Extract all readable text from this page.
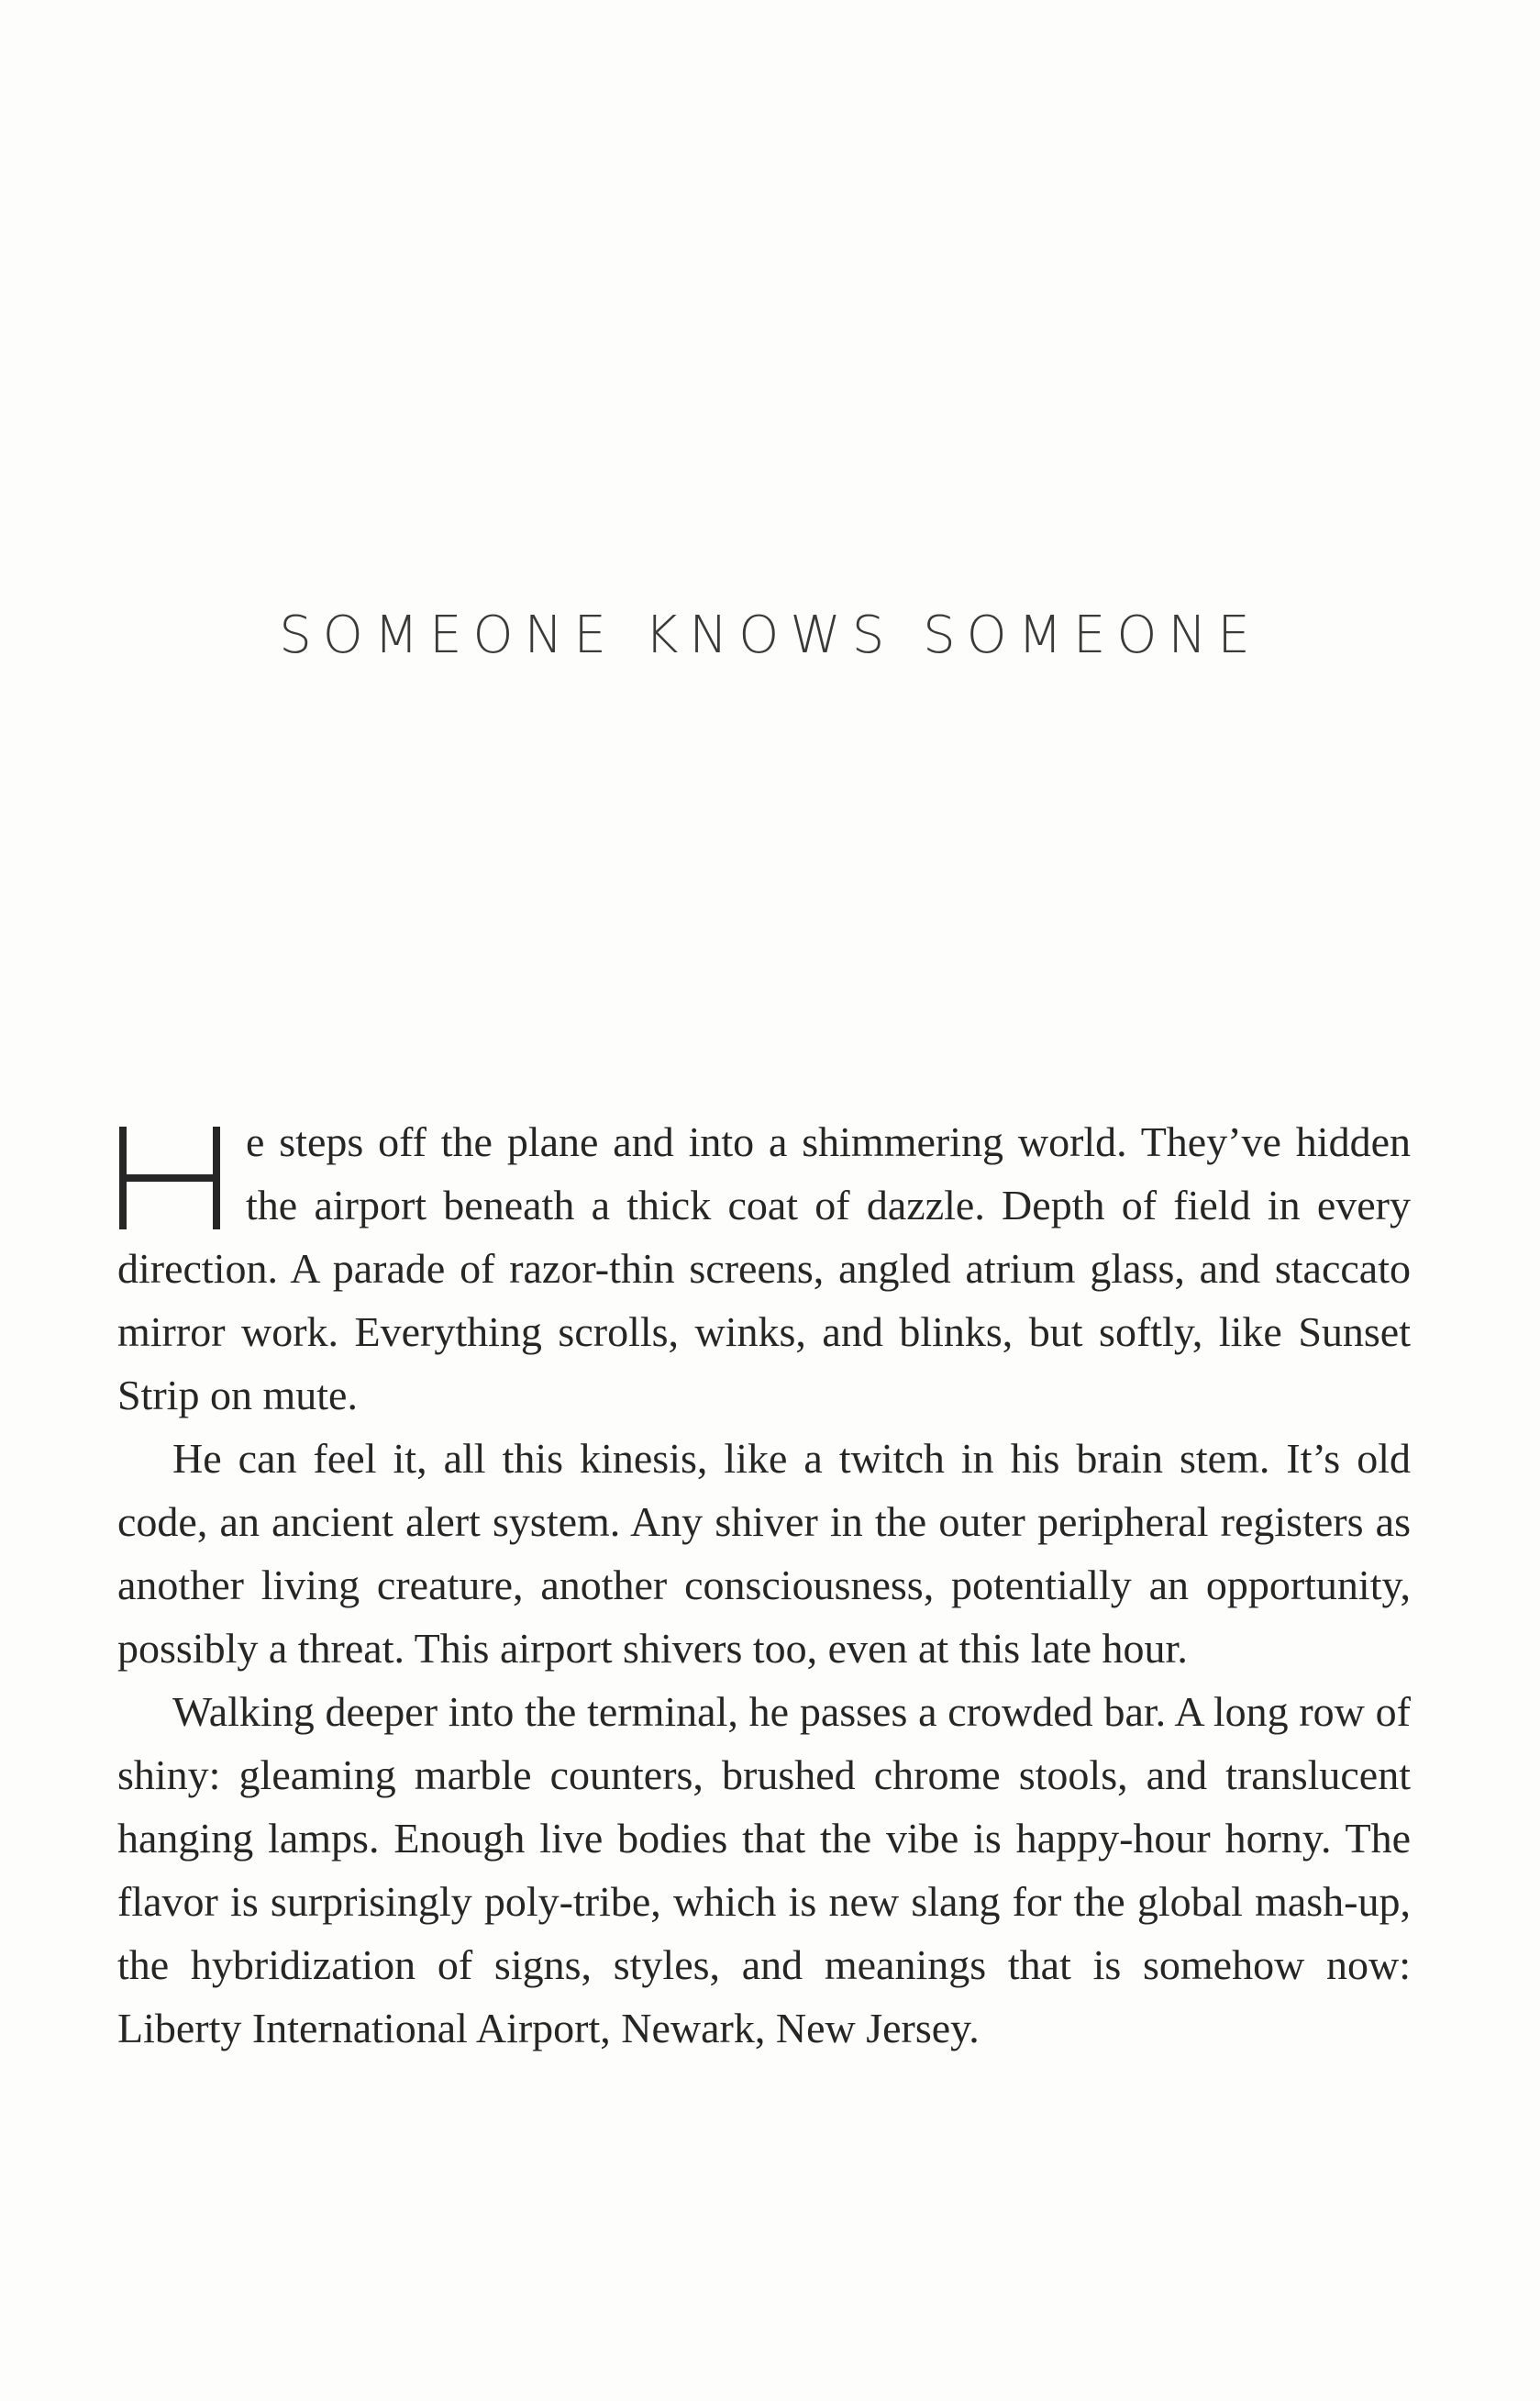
SOMEONE KNOWS SOMEONE

e steps off the plane and into a shimmering world. They’ve hidden the airport beneath a thick coat of dazzle. Depth of field in every direction. A parade of razor-thin screens, angled atrium glass, and staccato mirror work. Everything scrolls, winks, and blinks, but softly, like Sunset Strip on mute.

He can feel it, all this kinesis, like a twitch in his brain stem. It’s old code, an ancient alert system. Any shiver in the outer peripheral registers as another living creature, another consciousness, potentially an opportunity, possibly a threat. This airport shivers too, even at this late hour.

Walking deeper into the terminal, he passes a crowded bar. A long row of shiny: gleaming marble counters, brushed chrome stools, and translucent hanging lamps. Enough live bodies that the vibe is happy-hour horny. The flavor is surprisingly poly-tribe, which is new slang for the global mash-up, the hybridization of signs, styles, and meanings that is somehow now: Liberty International Airport, Newark, New Jersey.
